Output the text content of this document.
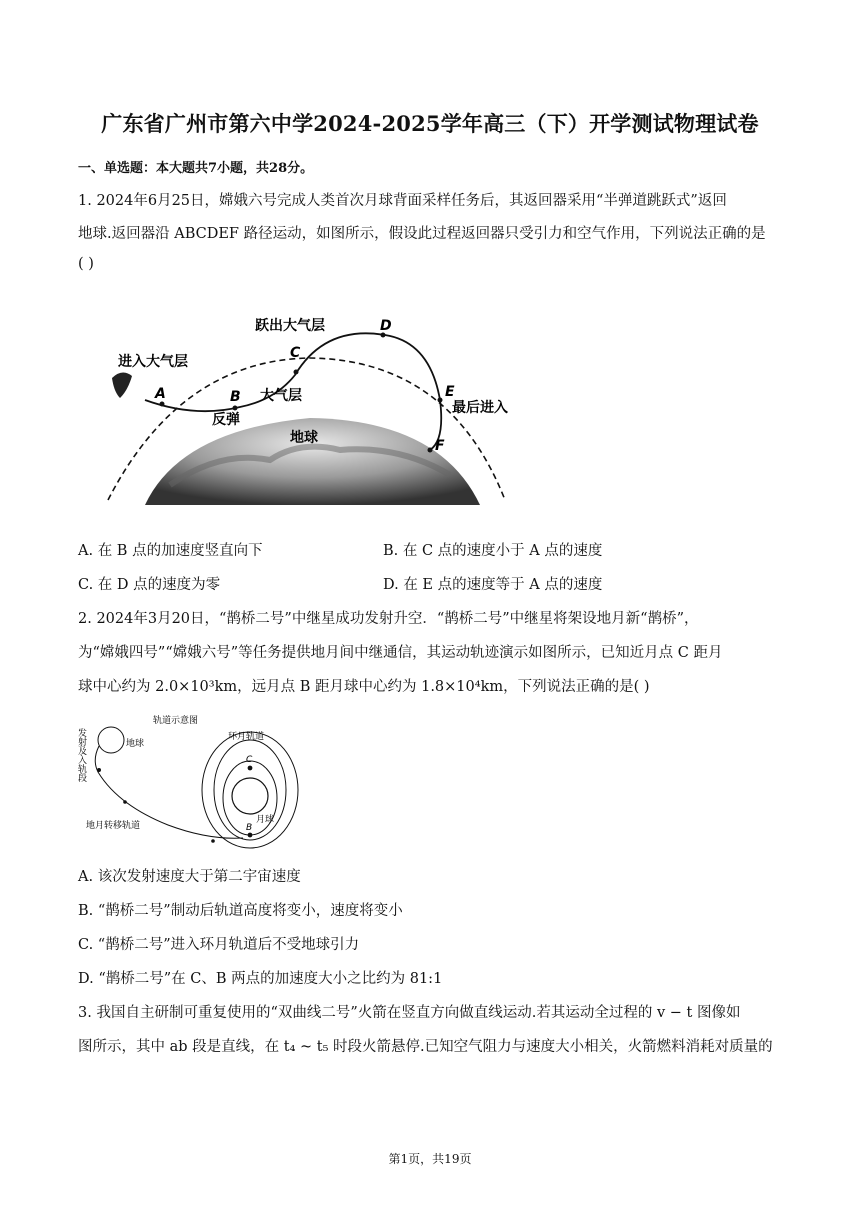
广东省广州市第六中学2024-2025学年高三（下）开学测试物理试卷
一、单选题：本大题共7小题，共28分。
1. 2024年6月25日，嫦娥六号完成人类首次月球背面采样任务后，其返回器采用“半弹道跳跃式”返回
地球.返回器沿 ABCDEF 路径运动，如图所示，假设此过程返回器只受引力和空气作用，下列说法正确的是
( )
进入大气层
跃出大气层
反弹
大气层
最后进入
地球
A	B
C
D
E
F
A. 在 B 点的加速度竖直向下	B. 在 C 点的速度小于 A 点的速度
C. 在 D 点的速度为零	D. 在 E 点的速度等于 A 点的速度
2. 2024年3月20日，“鹊桥二号”中继星成功发射升空．“鹊桥二号”中继星将架设地月新“鹊桥”，
为“嫦娥四号”“嫦娥六号”等任务提供地月间中继通信，其运动轨迹演示如图所示，已知近月点 C 距月
球中心约为 2.0×10³km，远月点 B 距月球中心约为 1.8×10⁴km，下列说法正确的是( )
轨道示意图
发射及入轨段	地球
地月转移轨道
环月轨道
月球
C
B
A. 该次发射速度大于第二宇宙速度
B. “鹊桥二号”制动后轨道高度将变小，速度将变小
C. “鹊桥二号”进入环月轨道后不受地球引力
D. “鹊桥二号”在 C、B 两点的加速度大小之比约为 81:1
3. 我国自主研制可重复使用的“双曲线二号”火箭在竖直方向做直线运动.若其运动全过程的 v − t 图像如
图所示，其中 ab 段是直线，在 t₄ ~ t₅ 时段火箭悬停.已知空气阻力与速度大小相关，火箭燃料消耗对质量的
第1页，共19页
